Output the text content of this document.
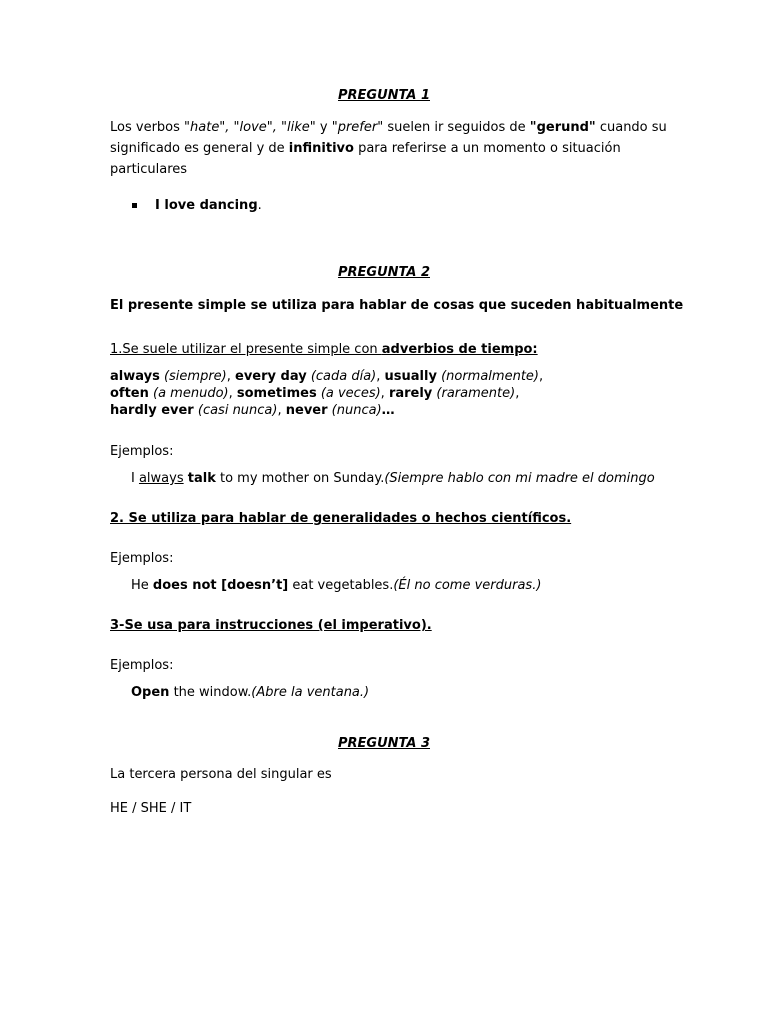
PREGUNTA 1
Los verbos "hate", "love", "like" y "prefer" suelen ir seguidos de "gerund" cuando su
significado es general y de infinitivo para referirse a un momento o situación
particulares
I love dancing.
PREGUNTA 2
El presente simple se utiliza para hablar de cosas que suceden habitualmente
1.Se suele utilizar el presente simple con adverbios de tiempo:
always (siempre), every day (cada día), usually (normalmente),
often (a menudo), sometimes (a veces), rarely (raramente),
hardly ever (casi nunca), never (nunca)…
Ejemplos:
I always talk to my mother on Sunday.(Siempre hablo con mi madre el domingo
2. Se utiliza para hablar de generalidades o hechos científicos.
Ejemplos:
He does not [doesn’t] eat vegetables.(Él no come verduras.)
3-Se usa para instrucciones (el imperativo).
Ejemplos:
Open the window.(Abre la ventana.)
PREGUNTA 3
La tercera persona del singular es
HE / SHE / IT
